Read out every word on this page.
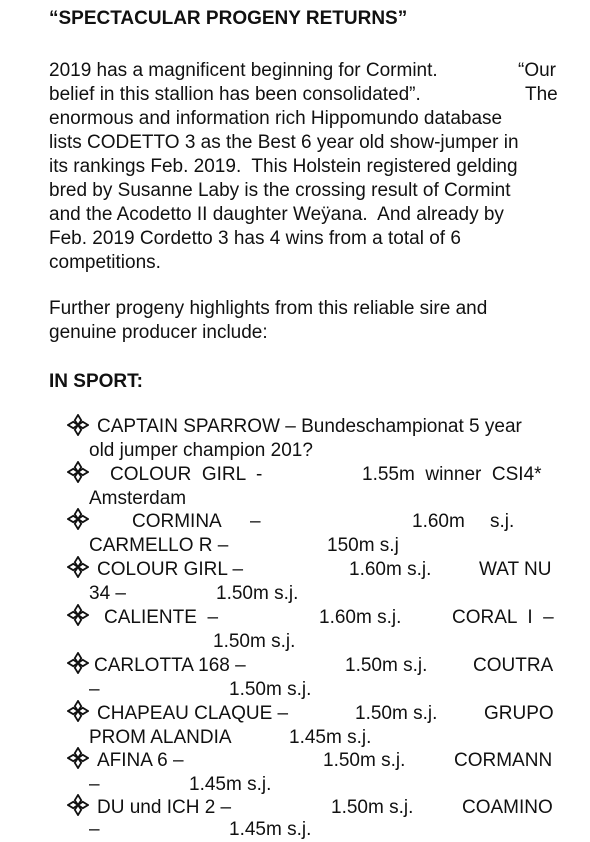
“SPECTACULAR PROGENY RETURNS”
2019 has a magnificent beginning for Cormint.	“Our
belief in this stallion has been consolidated”.	The
enormous and information rich Hippomundo database
lists CODETTO 3 as the Best 6 year old show-jumper in
its rankings Feb. 2019.  This Holstein registered gelding
bred by Susanne Laby is the crossing result of Cormint
and the Acodetto II daughter Weÿana.  And already by
Feb. 2019 Cordetto 3 has 4 wins from a total of 6
competitions.
Further progeny highlights from this reliable sire and
genuine producer include:
IN SPORT:
CAPTAIN SPARROW – Bundeschampionat 5 year
old jumper champion 201?
COLOUR  GIRL  -	1.55m  winner  CSI4*
Amsterdam
CORMINA –	1.60m s.j.
CARMELLO R –	150m s.j
COLOUR GIRL –	1.60m s.j.	WAT NU
34 –	1.50m s.j.
CALIENTE  –	1.60m s.j.	CORAL  I  –
1.50m s.j.
CARLOTTA 168 –	1.50m s.j. COUTRA
–	1.50m s.j.
CHAPEAU CLAQUE –	1.50m s.j. GRUPO
PROM ALANDIA	1.45m s.j.
AFINA 6 –	1.50m s.j.	CORMANN
–	1.45m s.j.
DU und ICH 2 –	1.50m s.j.	COAMINO
–	1.45m s.j.
